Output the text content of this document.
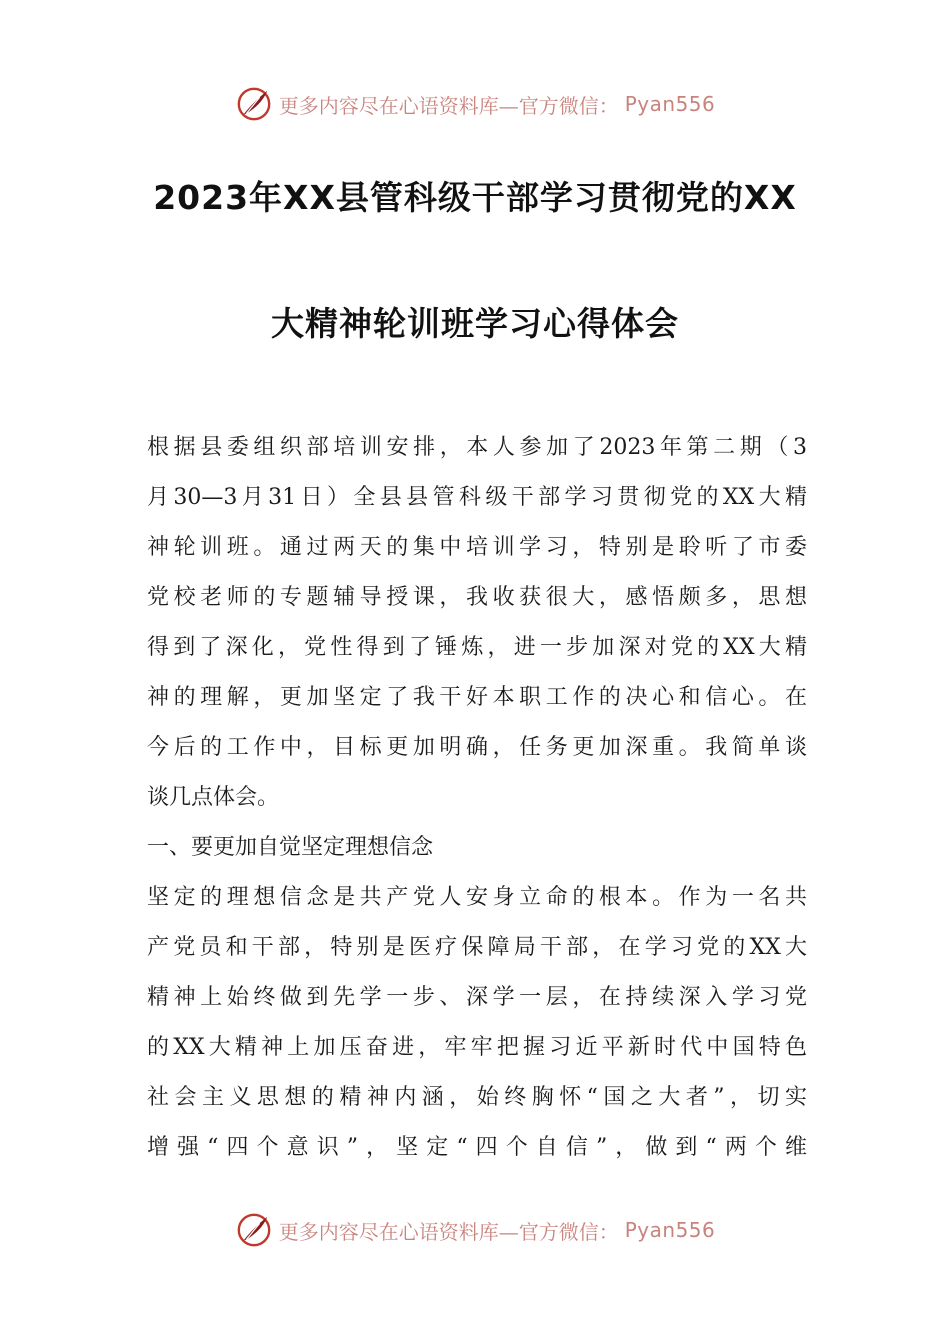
更多内容尽在心语资料库—官方微信： Pyan556
2023年XX县管科级干部学习贯彻党的XX
大精神轮训班学习心得体会
根据县委组织部培训安排，本人参加了2023年第二期（3
月30—3月31日）全县县管科级干部学习贯彻党的XX大精
神轮训班。通过两天的集中培训学习，特别是聆听了市委
党校老师的专题辅导授课，我收获很大，感悟颇多，思想
得到了深化，党性得到了锤炼，进一步加深对党的XX大精
神的理解，更加坚定了我干好本职工作的决心和信心。在
今后的工作中，目标更加明确，任务更加深重。我简单谈
谈几点体会。
一、要更加自觉坚定理想信念
坚定的理想信念是共产党人安身立命的根本。作为一名共
产党员和干部，特别是医疗保障局干部，在学习党的XX大
精神上始终做到先学一步、深学一层，在持续深入学习党
的XX大精神上加压奋进，牢牢把握习近平新时代中国特色
社会主义思想的精神内涵，始终胸怀“国之大者”，切实
增强“四个意识”，坚定“四个自信”，做到“两个维
更多内容尽在心语资料库—官方微信： Pyan556
